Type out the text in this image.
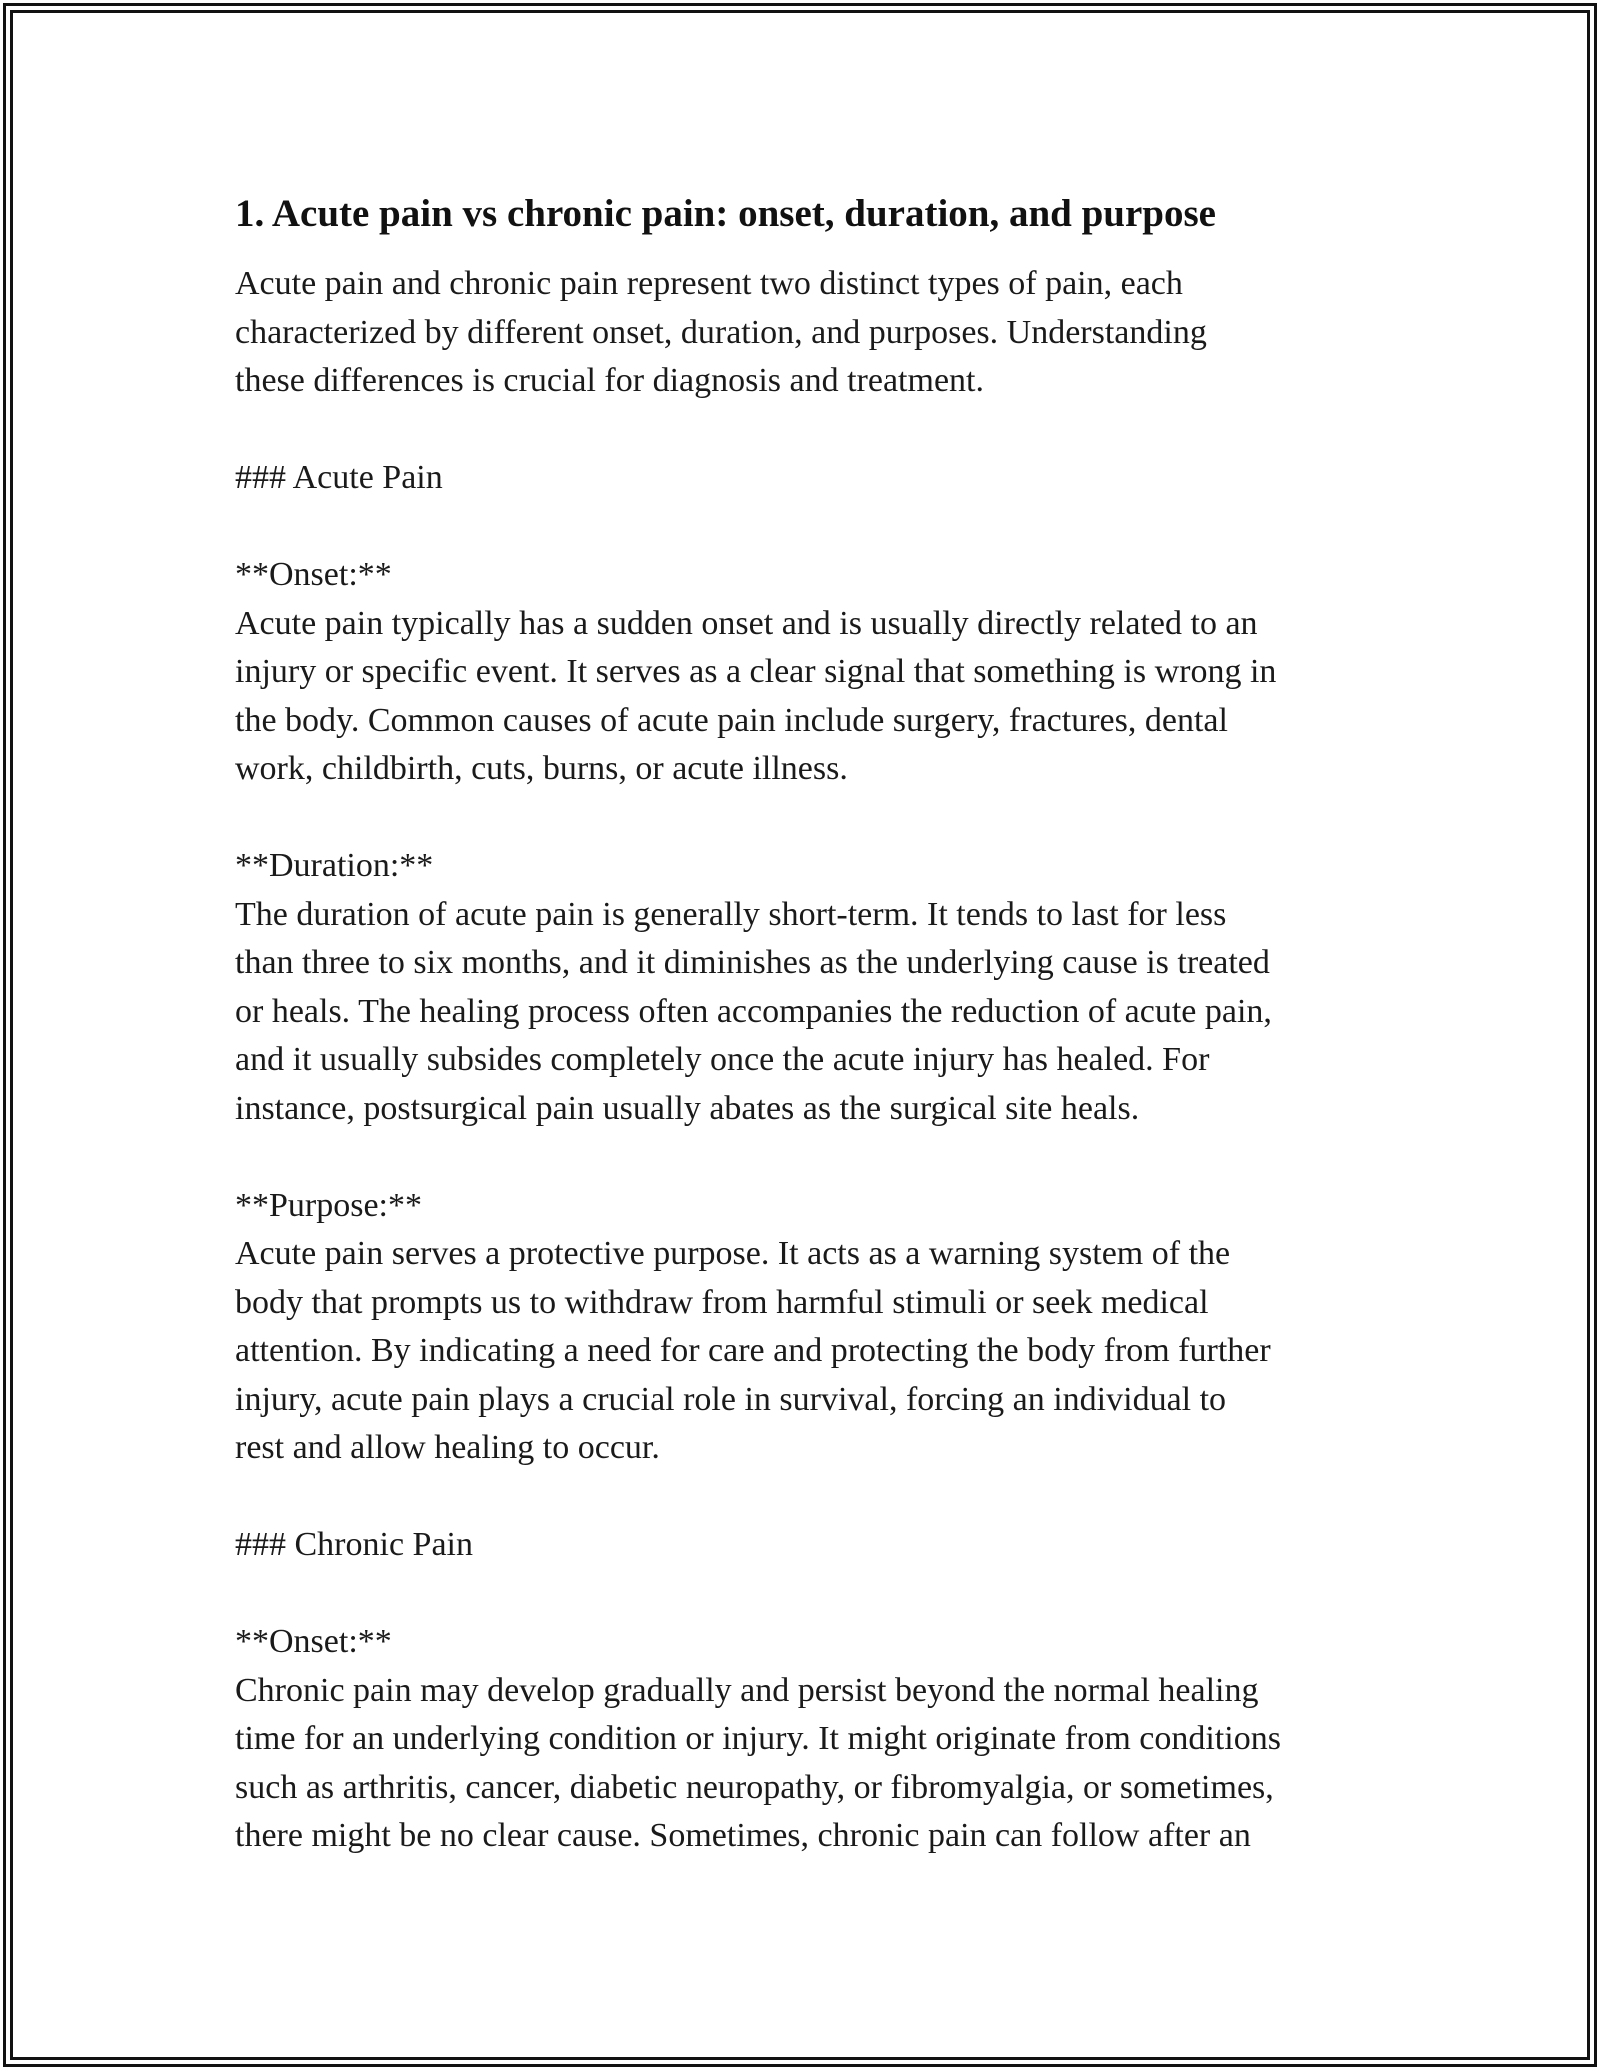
1. Acute pain vs chronic pain: onset, duration, and purpose

Acute pain and chronic pain represent two distinct types of pain, each
characterized by different onset, duration, and purposes. Understanding
these differences is crucial for diagnosis and treatment.

### Acute Pain

**Onset:**
Acute pain typically has a sudden onset and is usually directly related to an
injury or specific event. It serves as a clear signal that something is wrong in
the body. Common causes of acute pain include surgery, fractures, dental
work, childbirth, cuts, burns, or acute illness.

**Duration:**
The duration of acute pain is generally short-term. It tends to last for less
than three to six months, and it diminishes as the underlying cause is treated
or heals. The healing process often accompanies the reduction of acute pain,
and it usually subsides completely once the acute injury has healed. For
instance, postsurgical pain usually abates as the surgical site heals.

**Purpose:**
Acute pain serves a protective purpose. It acts as a warning system of the
body that prompts us to withdraw from harmful stimuli or seek medical
attention. By indicating a need for care and protecting the body from further
injury, acute pain plays a crucial role in survival, forcing an individual to
rest and allow healing to occur.

### Chronic Pain

**Onset:**
Chronic pain may develop gradually and persist beyond the normal healing
time for an underlying condition or injury. It might originate from conditions
such as arthritis, cancer, diabetic neuropathy, or fibromyalgia, or sometimes,
there might be no clear cause. Sometimes, chronic pain can follow after an
